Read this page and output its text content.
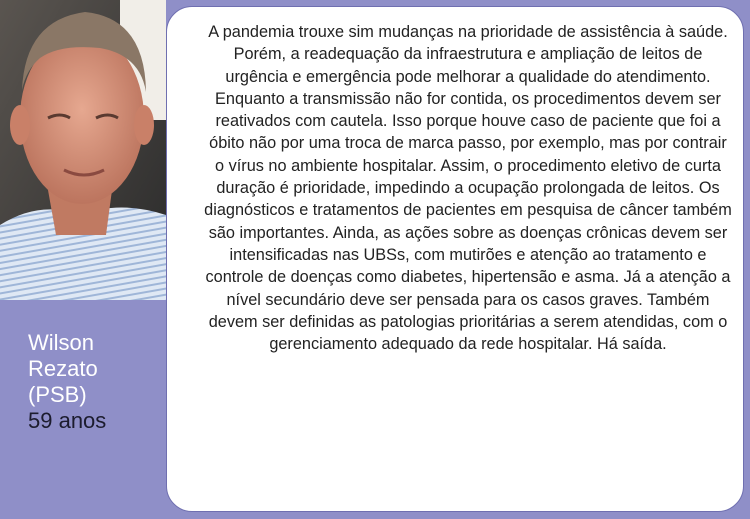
Wilson
Rezato
(PSB)
59 anos

A pandemia trouxe sim mudanças na prioridade de assistência à saúde. Porém, a readequação da infraestrutura e ampliação de leitos de urgência e emergência pode melhorar a qualidade do atendimento. Enquanto a transmissão não for contida, os procedimentos devem ser reativados com cautela. Isso porque houve caso de paciente que foi a óbito não por uma troca de marca passo, por exemplo, mas por contrair o vírus no ambiente hospitalar. Assim, o procedimento eletivo de curta duração é prioridade, impedindo a ocupação prolongada de leitos. Os diagnósticos e tratamentos de pacientes em pesquisa de câncer também são importantes. Ainda, as ações sobre as doenças crônicas devem ser intensificadas nas UBSs, com mutirões e atenção ao tratamento e controle de doenças como diabetes, hipertensão e asma. Já a atenção a nível secundário deve ser pensada para os casos graves. Também devem ser definidas as patologias prioritárias a serem atendidas, com o gerenciamento adequado da rede hospitalar. Há saída.
